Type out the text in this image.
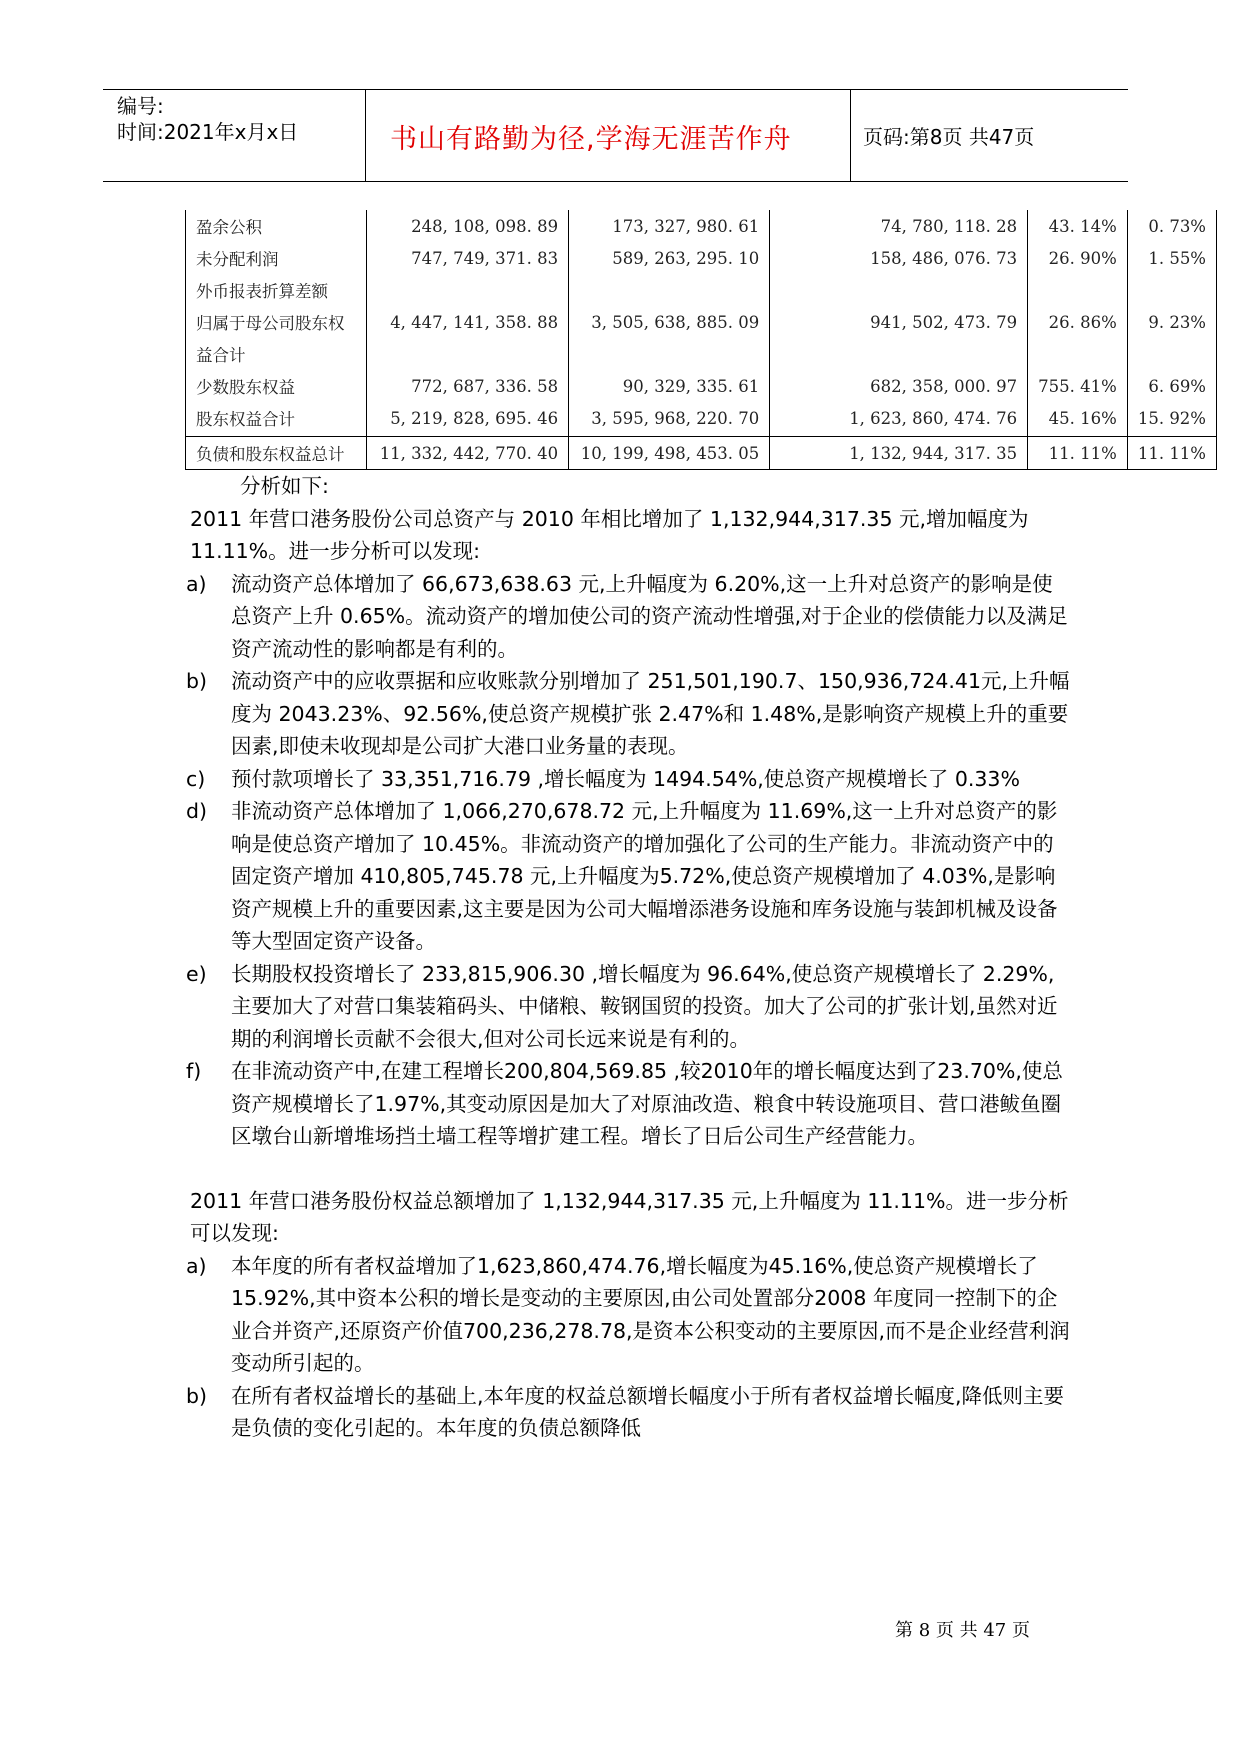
编号:
时间:2021年x月x日	书山有路勤为径,学海无涯苦作舟	页码:第8页 共47页
盈余公积	248, 108, 098. 89	173, 327, 980. 61	74, 780, 118. 28	43. 14%	0. 73%
未分配利润	747, 749, 371. 83	589, 263, 295. 10	158, 486, 076. 73	26. 90%	1. 55%
外币报表折算差额					
归属于母公司股东权	4, 447, 141, 358. 88	3, 505, 638, 885. 09	941, 502, 473. 79	26. 86%	9. 23%
益合计					
少数股东权益	772, 687, 336. 58	90, 329, 335. 61	682, 358, 000. 97	755. 41%	6. 69%
股东权益合计	5, 219, 828, 695. 46	3, 595, 968, 220. 70	1, 623, 860, 474. 76	45. 16%	15. 92%

负债和股东权益总计	11, 332, 442, 770. 40	10, 199, 498, 453. 05	1, 132, 944, 317. 35	11. 11%	11. 11%

分析如下:

2011 年营口港务股份公司总资产与 2010 年相比增加了 1,132,944,317.35 元,增加幅度为 11.11%。进一步分析可以发现:

a) 流动资产总体增加了 66,673,638.63 元,上升幅度为 6.20%,这一上升对总资产的影响是使总资产上升 0.65%。流动资产的增加使公司的资产流动性增强,对于企业的偿债能力以及满足资产流动性的影响都是有利的。
b) 流动资产中的应收票据和应收账款分别增加了 251,501,190.7、150,936,724.41元,上升幅度为 2043.23%、92.56%,使总资产规模扩张 2.47%和 1.48%,是影响资产规模上升的重要因素,即使未收现却是公司扩大港口业务量的表现。
c) 预付款项增长了 33,351,716.79 ,增长幅度为 1494.54%,使总资产规模增长了 0.33%
d) 非流动资产总体增加了 1,066,270,678.72 元,上升幅度为 11.69%,这一上升对总资产的影响是使总资产增加了 10.45%。非流动资产的增加强化了公司的生产能力。非流动资产中的固定资产增加 410,805,745.78 元,上升幅度为5.72%,使总资产规模增加了 4.03%,是影响资产规模上升的重要因素,这主要是因为公司大幅增添港务设施和库务设施与装卸机械及设备等大型固定资产设备。
e) 长期股权投资增长了 233,815,906.30 ,增长幅度为 96.64%,使总资产规模增长了 2.29%,主要加大了对营口集装箱码头、中储粮、鞍钢国贸的投资。加大了公司的扩张计划,虽然对近期的利润增长贡献不会很大,但对公司长远来说是有利的。
f) 在非流动资产中,在建工程增长200,804,569.85 ,较2010年的增长幅度达到了23.70%,使总资产规模增长了1.97%,其变动原因是加大了对原油改造、粮食中转设施项目、营口港鲅鱼圈区墩台山新增堆场挡土墙工程等增扩建工程。增长了日后公司生产经营能力。

2011 年营口港务股份权益总额增加了 1,132,944,317.35 元,上升幅度为 11.11%。进一步分析可以发现:

a) 本年度的所有者权益增加了1,623,860,474.76,增长幅度为45.16%,使总资产规模增长了15.92%,其中资本公积的增长是变动的主要原因,由公司处置部分2008 年度同一控制下的企业合并资产,还原资产价值700,236,278.78,是资本公积变动的主要原因,而不是企业经营利润变动所引起的。
b) 在所有者权益增长的基础上,本年度的权益总额增长幅度小于所有者权益增长幅度,降低则主要是负债的变化引起的。本年度的负债总额降低
第 8 页 共 47 页
